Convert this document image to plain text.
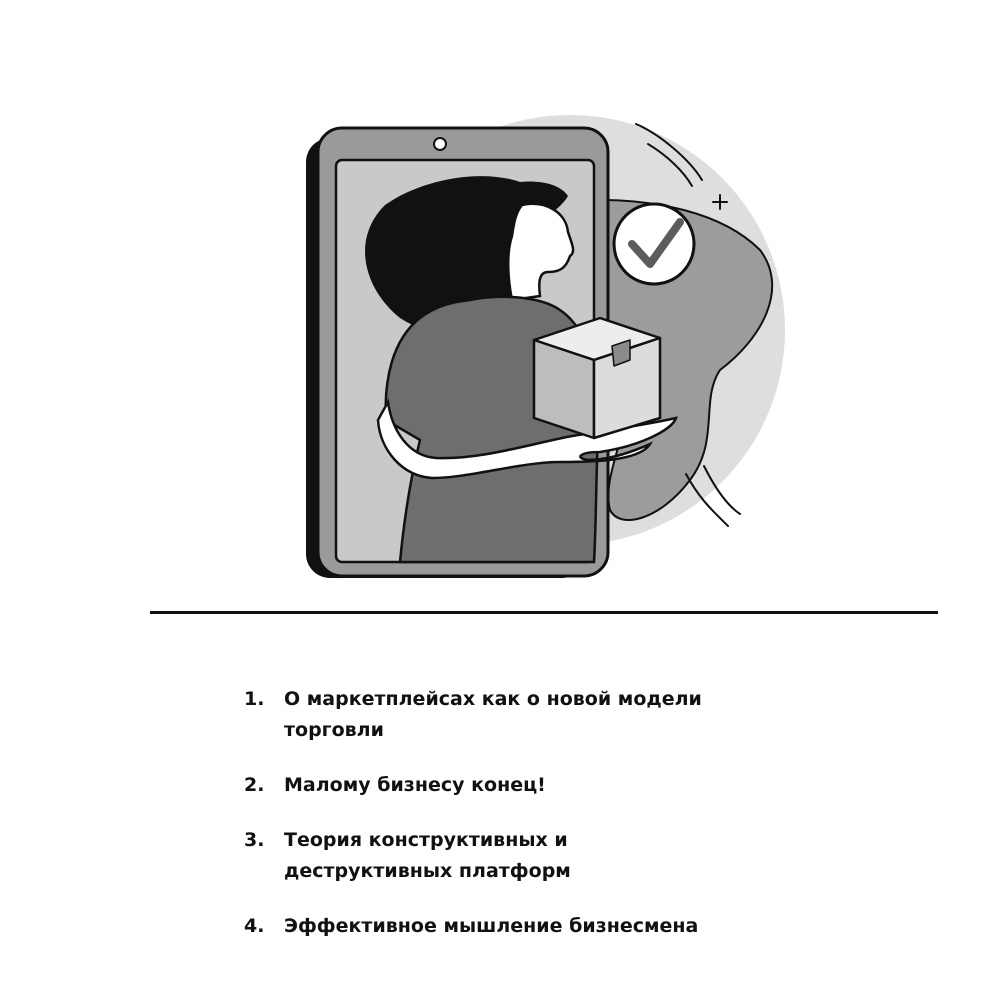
1.	О маркетплейсах как о новой модели торговли
2.	Малому бизнесу конец!
3.	Теория конструктивных и деструктивных платформ
4.	Эффективное мышление бизнесмена
